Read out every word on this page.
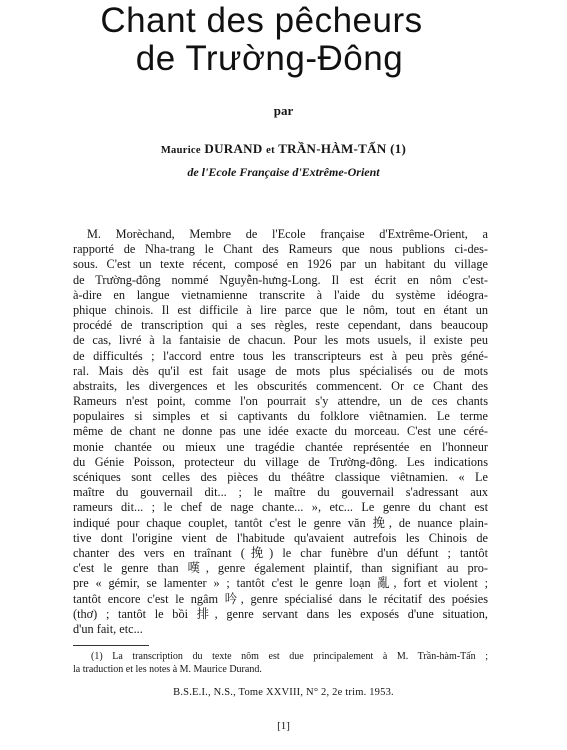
Chant des pêcheurs
de Trường-Đông
par
Maurice DURAND et TRẦN-HÀM-TẤN (1)
de l'Ecole Française d'Extrême-Orient
M. Morèchand, Membre de l'Ecole française d'Extrême-Orient, a
rapporté de Nha-trang le Chant des Rameurs que nous publions ci-des-
sous. C'est un texte récent, composé en 1926 par un habitant du village
de Trường-đông nommé Nguyễn-hưng-Long. Il est écrit en nôm c'est-
à-dire en langue vietnamienne transcrite à l'aide du système idéogra-
phique chinois. Il est difficile à lire parce que le nôm, tout en étant un
procédé de transcription qui a ses règles, reste cependant, dans beaucoup
de cas, livré à la fantaisie de chacun. Pour les mots usuels, il existe peu
de difficultés ; l'accord entre tous les transcripteurs est à peu près géné-
ral. Mais dès qu'il est fait usage de mots plus spécialisés ou de mots
abstraits, les divergences et les obscurités commencent. Or ce Chant des
Rameurs n'est point, comme l'on pourrait s'y attendre, un de ces chants
populaires si simples et si captivants du folklore viêtnamien. Le terme
même de chant ne donne pas une idée exacte du morceau. C'est une céré-
monie chantée ou mieux une tragédie chantée représentée en l'honneur
du Génie Poisson, protecteur du village de Trường-đông. Les indications
scéniques sont celles des pièces du théâtre classique viêtnamien. « Le
maître du gouvernail dit... ; le maître du gouvernail s'adressant aux
rameurs dit... ; le chef de nage chante... », etc... Le genre du chant est
indiqué pour chaque couplet, tantôt c'est le genre văn 挽, de nuance plain-
tive dont l'origine vient de l'habitude qu'avaient autrefois les Chinois de
chanter des vers en traînant (挽) le char funèbre d'un défunt ; tantôt
c'est le genre than 嘆, genre également plaintif, than signifiant au pro-
pre « gémir, se lamenter » ; tantôt c'est le genre loạn 亂, fort et violent ;
tantôt encore c'est le ngâm 吟, genre spécialisé dans le récitatif des poésies
(thơ) ; tantôt le bồi 排, genre servant dans les exposés d'une situation,
d'un fait, etc...
(1) La transcription du texte nôm est due principalement à M. Trần-hàm-Tấn ;
la traduction et les notes à M. Maurice Durand.
B.S.E.I., N.S., Tome XXVIII, N° 2, 2e trim. 1953.
[1]
